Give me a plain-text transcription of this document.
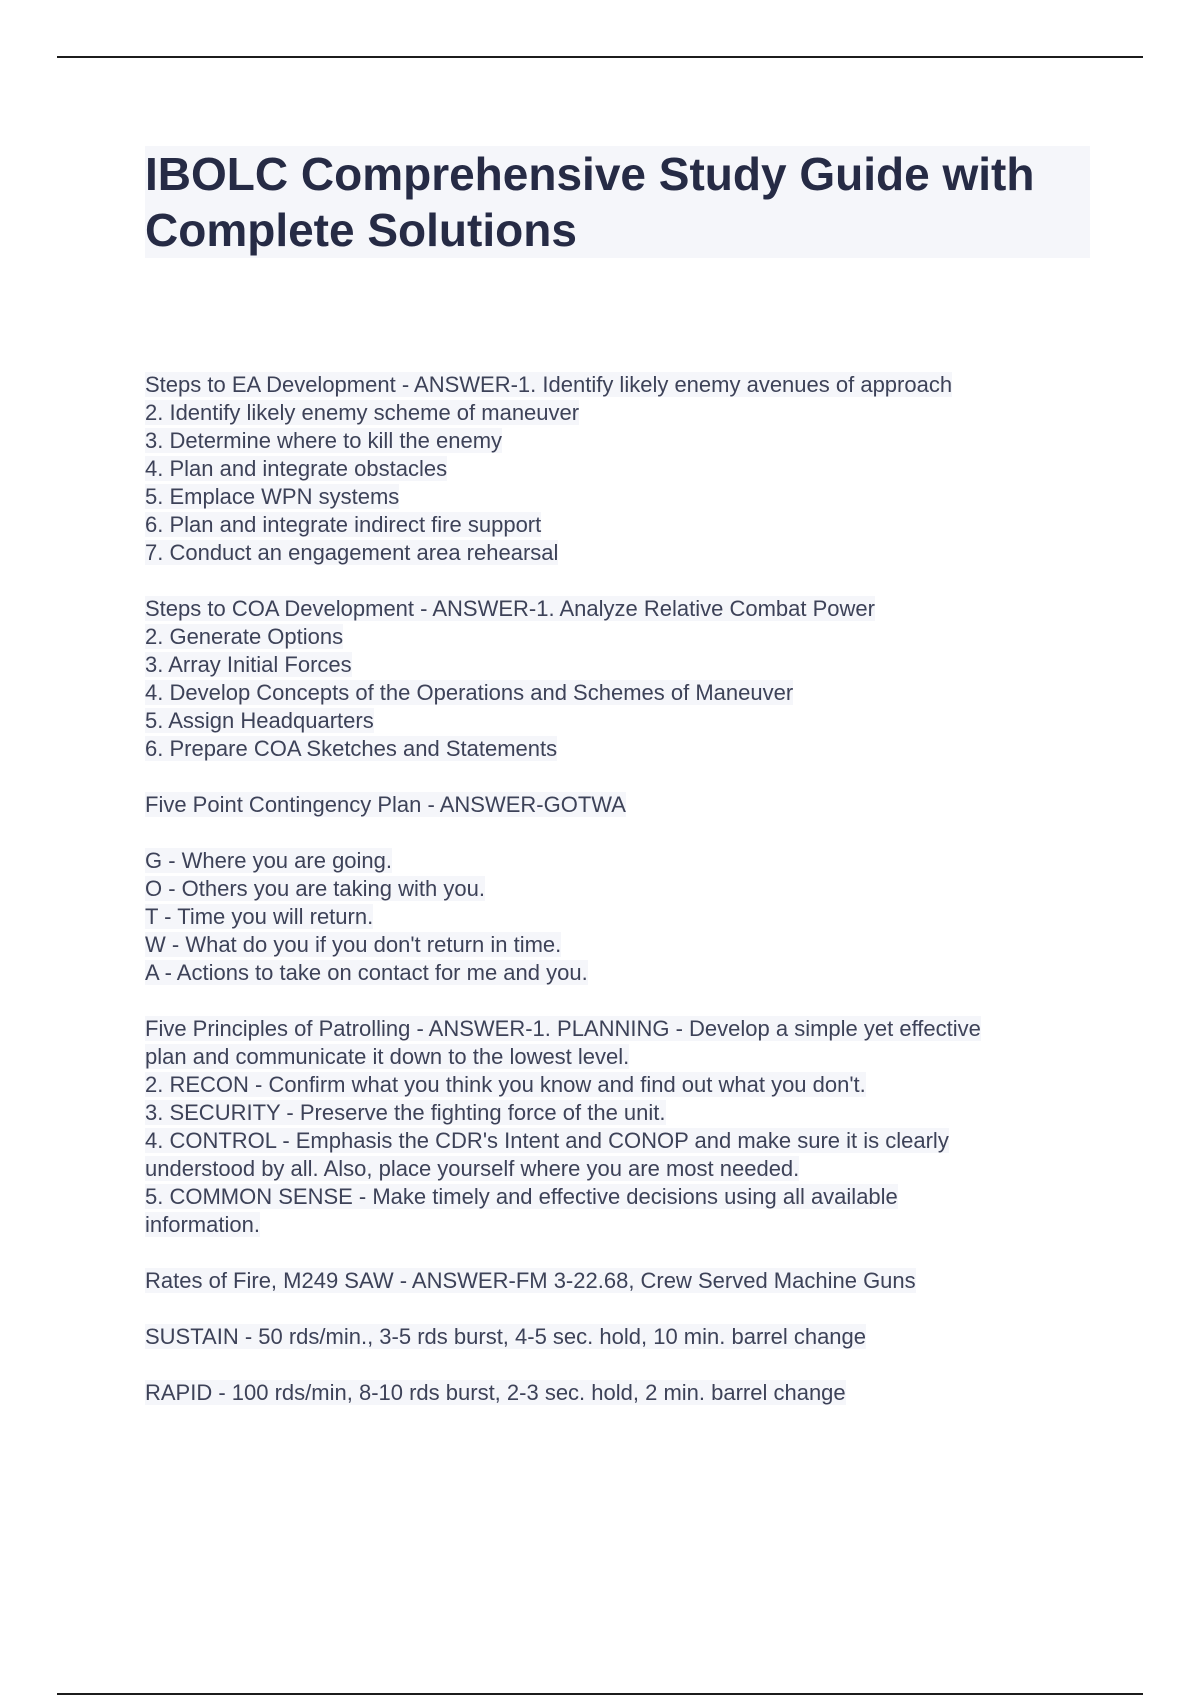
IBOLC Comprehensive Study Guide with Complete Solutions
Steps to EA Development - ANSWER-1. Identify likely enemy avenues of approach
2. Identify likely enemy scheme of maneuver
3. Determine where to kill the enemy
4. Plan and integrate obstacles
5. Emplace WPN systems
6. Plan and integrate indirect fire support
7. Conduct an engagement area rehearsal
Steps to COA Development - ANSWER-1. Analyze Relative Combat Power
2. Generate Options
3. Array Initial Forces
4. Develop Concepts of the Operations and Schemes of Maneuver
5. Assign Headquarters
6. Prepare COA Sketches and Statements
Five Point Contingency Plan - ANSWER-GOTWA
G - Where you are going.
O - Others you are taking with you.
T - Time you will return.
W - What do you if you don't return in time.
A - Actions to take on contact for me and you.
Five Principles of Patrolling - ANSWER-1. PLANNING - Develop a simple yet effective
plan and communicate it down to the lowest level.
2. RECON - Confirm what you think you know and find out what you don't.
3. SECURITY - Preserve the fighting force of the unit.
4. CONTROL - Emphasis the CDR's Intent and CONOP and make sure it is clearly
understood by all. Also, place yourself where you are most needed.
5. COMMON SENSE - Make timely and effective decisions using all available
information.
Rates of Fire, M249 SAW - ANSWER-FM 3-22.68, Crew Served Machine Guns
SUSTAIN - 50 rds/min., 3-5 rds burst, 4-5 sec. hold, 10 min. barrel change
RAPID - 100 rds/min, 8-10 rds burst, 2-3 sec. hold, 2 min. barrel change
